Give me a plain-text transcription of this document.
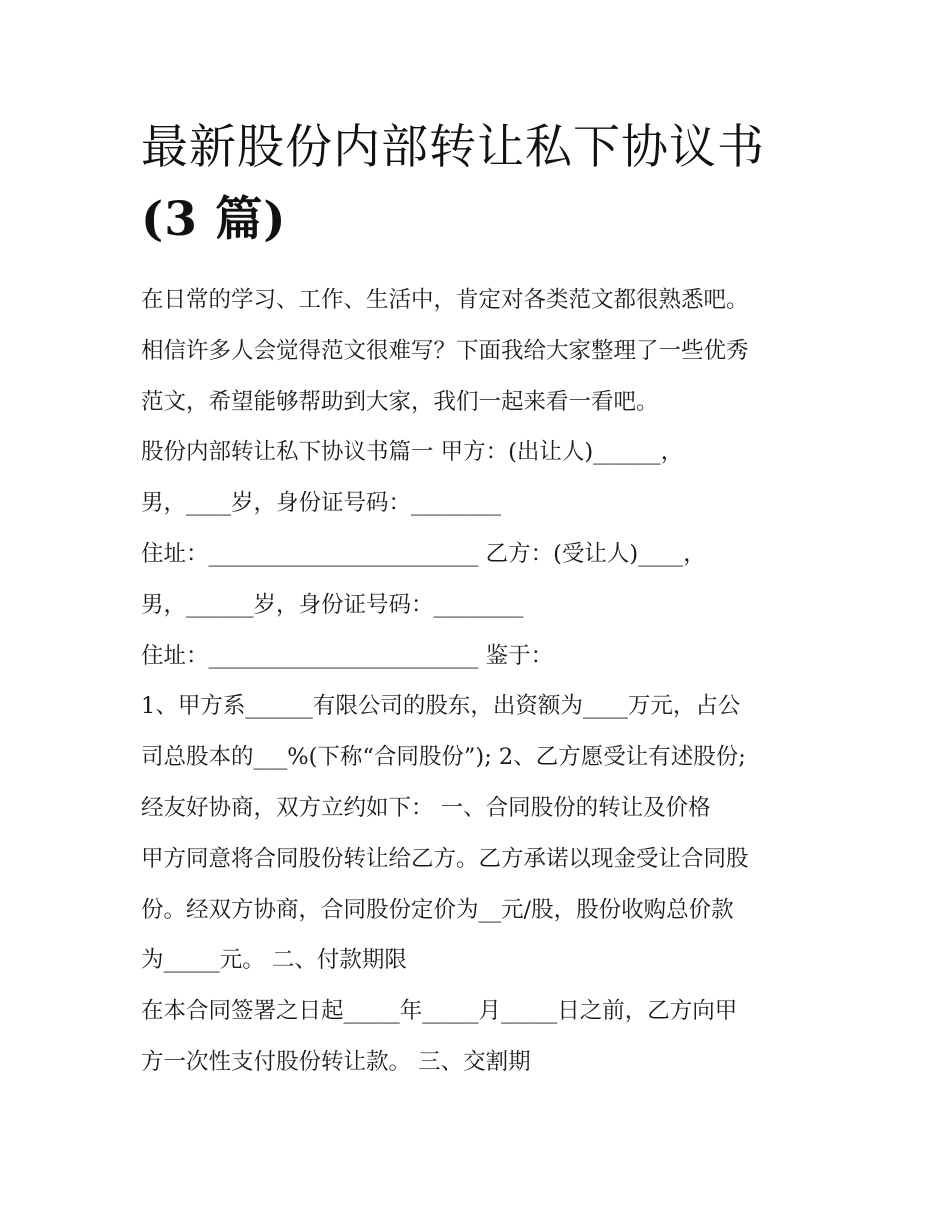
最新股份内部转让私下协议书
(3 篇)
在日常的学习、工作、生活中，肯定对各类范文都很熟悉吧。
相信许多人会觉得范文很难写？下面我给大家整理了一些优秀
范文，希望能够帮助到大家，我们一起来看一看吧。
股份内部转让私下协议书篇一 甲方：(出让人)______，
男，____岁，身份证号码：________
住址：________________________ 乙方：(受让人)____，
男，______岁，身份证号码：________
住址：________________________ 鉴于：
1、甲方系______有限公司的股东，出资额为____万元，占公
司总股本的___%(下称“合同股份”); 2、乙方愿受让有述股份;
经友好协商，双方立约如下： 一、合同股份的转让及价格
甲方同意将合同股份转让给乙方。乙方承诺以现金受让合同股
份。经双方协商，合同股份定价为__元/股，股份收购总价款
为_____元。 二、付款期限
在本合同签署之日起_____年_____月_____日之前，乙方向甲
方一次性支付股份转让款。 三、交割期
